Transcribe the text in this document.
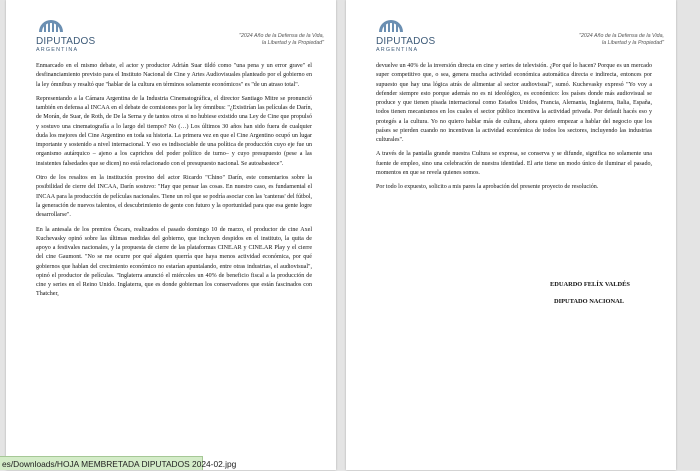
DIPUTADOS
ARGENTINA
"2024 Año de la Defensa de la Vida,
la Libertad y la Propiedad"

Enmarcado en el mismo debate, el actor y productor Adrián Suar tildó como "una pena y un error grave" el desfinanciamiento previsto para el Instituto Nacional de Cine y Artes Audiovisuales planteado por el gobierno en la ley ómnibus y resaltó que "hablar de la cultura en términos solamente económicos" es "de un atraso total".

Representando a la Cámara Argentina de la Industria Cinematográfica, el director Santiago Mitre se pronunció también en defensa al INCAA en el debate de comisiones por la ley ómnibus: "¿Existirían las películas de Darín, de Morán, de Suar, de Roth, de De la Serna y de tantos otros si no hubiese existido una Ley de Cine que propulsó y sostuvo una cinematografía a lo largo del tiempo? No (…) Los últimos 30 años han sido fuera de cualquier duda los mejores del Cine Argentino en toda su historia. La primera vez en que el Cine Argentino ocupó un lugar importante y sostenido a nivel internacional. Y eso es indisociable de una política de producción cuyo eje fue un organismo autárquico – ajeno a los caprichos del poder político de turno– y cuyo presupuesto (pese a las insistentes falsedades que se dicen) no está relacionado con el presupuesto nacional. Se autoabastece".

Otro de los resaltos en la institución provino del actor Ricardo "Chino" Darín, este comentarios sobre la posibilidad de cierre del INCAA, Darín sostuvo: "Hay que pensar las cosas. En nuestro caso, es fundamental el INCAA para la producción de películas nacionales. Tiene un rol que se podría asociar con las 'canteras' del fútbol, la generación de nuevos talentos, el descubrimiento de gente con futuro y la oportunidad para que esa gente logre desarrollarse".

En la antesala de los premios Óscars, realizados el pasado domingo 10 de marzo, el productor de cine Axel Kuchevasky opinó sobre las últimas medidas del gobierno, que incluyen despidos en el instituto, la quita de apoyo a festivales nacionales, y la propuesta de cierre de las plataformas CINE.AR y CINE.AR Play y el cierre del cine Gaumont. "No se me ocurre por qué alguien querría que haya menos actividad económica, por qué gobiernos que hablan del crecimiento económico no estarían apuntalando, entre otras industrias, el audiovisual", opinó el productor de películas. "Inglaterra anunció el miércoles un 40% de beneficio fiscal a la producción de cine y series en el Reino Unido. Inglaterra, que es donde gobiernan los conservadores que están fascinados con Thatcher,

DIPUTADOS
ARGENTINA
"2024 Año de la Defensa de la Vida,
la Libertad y la Propiedad"

devuelve un 40% de la inversión directa en cine y series de televisión. ¿Por qué lo hacen? Porque es un mercado super competitivo que, o sea, genera mucha actividad económica automática directa e indirecta, entonces por supuesto que hay una lógica atrás de alimentar al sector audiovisual", sumó. Kuchevasky expresó "Yo voy a defender siempre esto porque además no es ni ideológico, es económico: los países donde más audiovisual se produce y que tienen pisada internacional como Estados Unidos, Francia, Alemania, Inglaterra, Italia, España, todos tienen mecanismos en los cuales el sector público incentiva la actividad privada. Por default hacés eso y protegés a la cultura. Yo no quiero hablar más de cultura, ahora quiero empezar a hablar del negocio que los países se pierden cuando no incentivan la actividad económica de todos los sectores, incluyendo las industrias culturales".

A través de la pantalla grande nuestra Cultura se expresa, se conserva y se difunde, significa no solamente una fuente de empleo, sino una celebración de nuestra identidad. El arte tiene un modo único de iluminar el pasado, momentos en que se revela quienes somos.

Por todo lo expuesto, solicito a mis pares la aprobación del presente proyecto de resolución.

EDUARDO FELÍX VALDÉS
DIPUTADO NACIONAL
es/Downloads/HOJA MEMBRETADA DIPUTADOS 2024-02.jpg
